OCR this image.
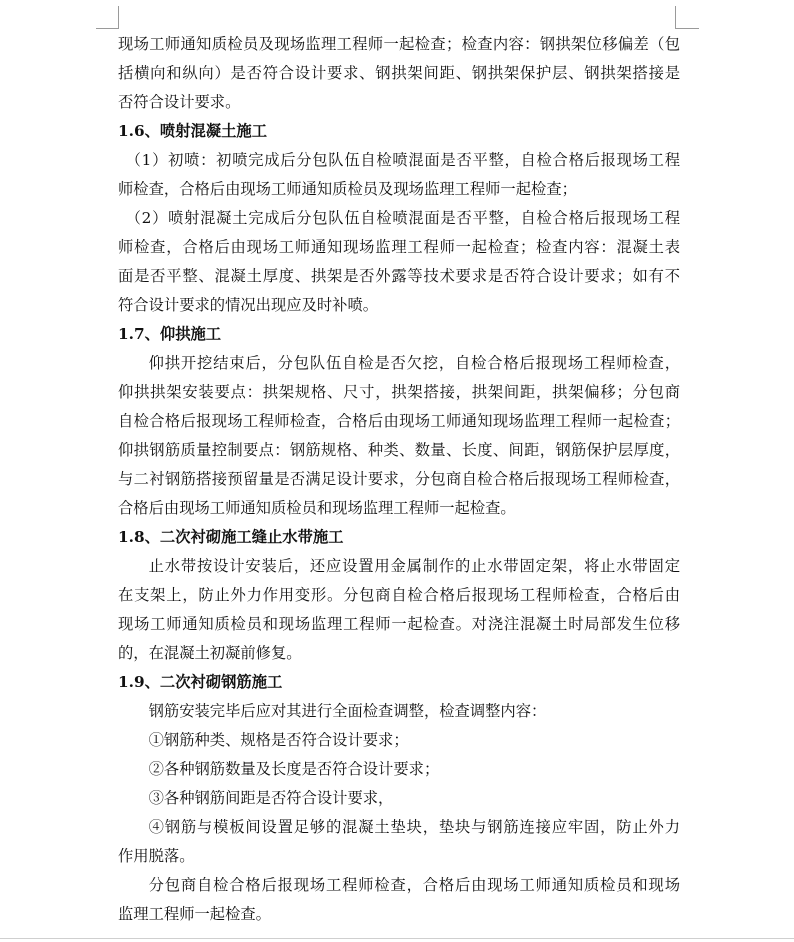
现场工师通知质检员及现场监理工程师一起检查；检查内容：钢拱架位移偏差（包
括横向和纵向）是否符合设计要求、钢拱架间距、钢拱架保护层、钢拱架搭接是
否符合设计要求。
1.6、喷射混凝土施工
（1）初喷：初喷完成后分包队伍自检喷混面是否平整，自检合格后报现场工程
师检查，合格后由现场工师通知质检员及现场监理工程师一起检查；
（2）喷射混凝土完成后分包队伍自检喷混面是否平整，自检合格后报现场工程
师检查，合格后由现场工师通知现场监理工程师一起检查；检查内容：混凝土表
面是否平整、混凝土厚度、拱架是否外露等技术要求是否符合设计要求；如有不
符合设计要求的情况出现应及时补喷。
1.7、仰拱施工
仰拱开挖结束后，分包队伍自检是否欠挖，自检合格后报现场工程师检查，
仰拱拱架安装要点：拱架规格、尺寸，拱架搭接，拱架间距，拱架偏移；分包商
自检合格后报现场工程师检查，合格后由现场工师通知现场监理工程师一起检查；
仰拱钢筋质量控制要点：钢筋规格、种类、数量、长度、间距，钢筋保护层厚度，
与二衬钢筋搭接预留量是否满足设计要求，分包商自检合格后报现场工程师检查，
合格后由现场工师通知质检员和现场监理工程师一起检查。
1.8、二次衬砌施工缝止水带施工
止水带按设计安装后，还应设置用金属制作的止水带固定架，将止水带固定
在支架上，防止外力作用变形。分包商自检合格后报现场工程师检查，合格后由
现场工师通知质检员和现场监理工程师一起检查。对浇注混凝土时局部发生位移
的，在混凝土初凝前修复。
1.9、二次衬砌钢筋施工
钢筋安装完毕后应对其进行全面检查调整，检查调整内容：
①钢筋种类、规格是否符合设计要求；
②各种钢筋数量及长度是否符合设计要求；
③各种钢筋间距是否符合设计要求，
④钢筋与模板间设置足够的混凝土垫块，垫块与钢筋连接应牢固，防止外力
作用脱落。
分包商自检合格后报现场工程师检查，合格后由现场工师通知质检员和现场
监理工程师一起检查。
